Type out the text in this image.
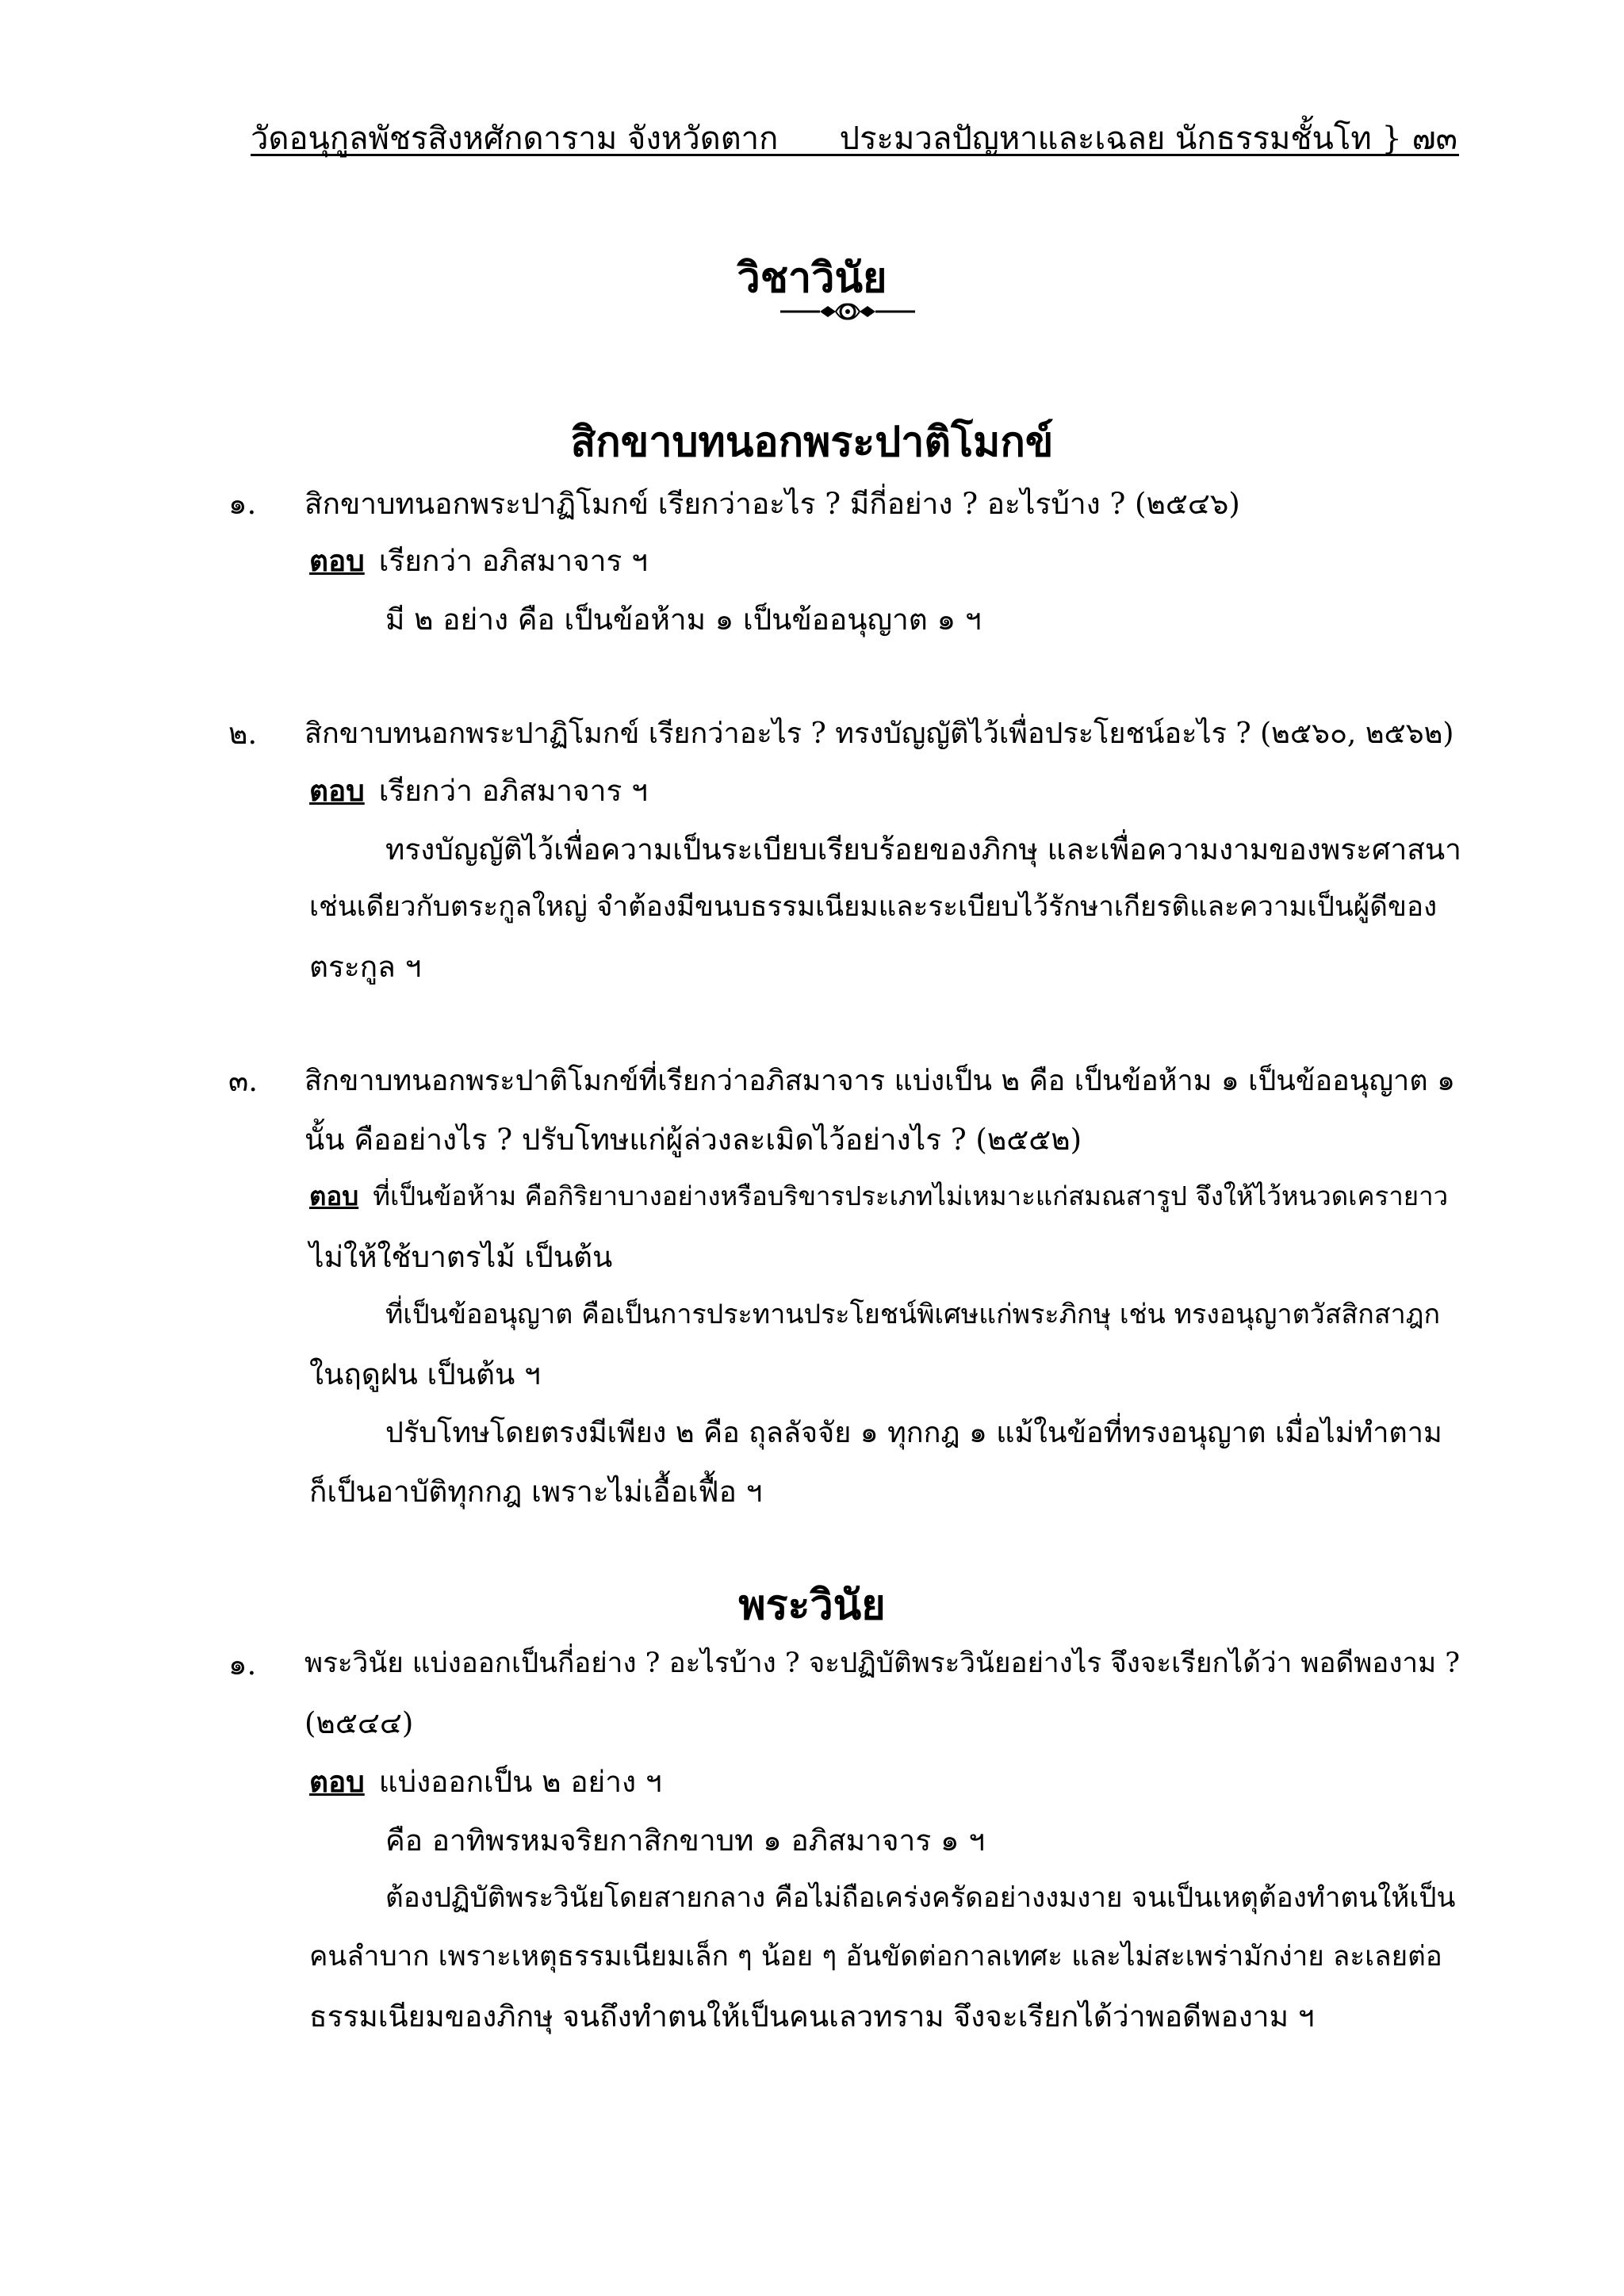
วัดอนุกูลพัชรสิงหศักดาราม จังหวัดตาก ประมวลปัญหาและเฉลย นักธรรมชั้นโท } ๗๓
วิชาวินัย
สิกขาบทนอกพระปาติโมกข์
๑. สิกขาบทนอกพระปาฏิโมกข์ เรียกว่าอะไร ? มีกี่อย่าง ? อะไรบ้าง ? (๒๕๔๖)
ตอบ เรียกว่า อภิสมาจาร ฯ
มี ๒ อย่าง คือ เป็นข้อห้าม ๑ เป็นข้ออนุญาต ๑ ฯ
๒. สิกขาบทนอกพระปาฏิโมกข์ เรียกว่าอะไร ? ทรงบัญญัติไว้เพื่อประโยชน์อะไร ? (๒๕๖๐, ๒๕๖๒)
ตอบ เรียกว่า อภิสมาจาร ฯ
ทรงบัญญัติไว้เพื่อความเป็นระเบียบเรียบร้อยของภิกษุ และเพื่อความงามของพระศาสนา
เช่นเดียวกับตระกูลใหญ่ จำต้องมีขนบธรรมเนียมและระเบียบไว้รักษาเกียรติและความเป็นผู้ดีของ
ตระกูล ฯ
๓. สิกขาบทนอกพระปาติโมกข์ที่เรียกว่าอภิสมาจาร แบ่งเป็น ๒ คือ เป็นข้อห้าม ๑ เป็นข้ออนุญาต ๑
นั้น คืออย่างไร ? ปรับโทษแก่ผู้ล่วงละเมิดไว้อย่างไร ? (๒๕๕๒)
ตอบ ที่เป็นข้อห้าม คือกิริยาบางอย่างหรือบริขารประเภทไม่เหมาะแก่สมณสารูป จึงให้ไว้หนวดเครายาว
ไม่ให้ใช้บาตรไม้ เป็นต้น
ที่เป็นข้ออนุญาต คือเป็นการประทานประโยชน์พิเศษแก่พระภิกษุ เช่น ทรงอนุญาตวัสสิกสาฎก
ในฤดูฝน เป็นต้น ฯ
ปรับโทษโดยตรงมีเพียง ๒ คือ ถุลลัจจัย ๑ ทุกกฎ ๑ แม้ในข้อที่ทรงอนุญาต เมื่อไม่ทำตาม
ก็เป็นอาบัติทุกกฎ เพราะไม่เอื้อเฟื้อ ฯ
พระวินัย
๑. พระวินัย แบ่งออกเป็นกี่อย่าง ? อะไรบ้าง ? จะปฏิบัติพระวินัยอย่างไร จึงจะเรียกได้ว่า พอดีพองาม ?
(๒๕๔๔)
ตอบ แบ่งออกเป็น ๒ อย่าง ฯ
คือ อาทิพรหมจริยกาสิกขาบท ๑ อภิสมาจาร ๑ ฯ
ต้องปฏิบัติพระวินัยโดยสายกลาง คือไม่ถือเคร่งครัดอย่างงมงาย จนเป็นเหตุต้องทำตนให้เป็น
คนลำบาก เพราะเหตุธรรมเนียมเล็ก ๆ น้อย ๆ อันขัดต่อกาลเทศะ และไม่สะเพร่ามักง่าย ละเลยต่อ
ธรรมเนียมของภิกษุ จนถึงทำตนให้เป็นคนเลวทราม จึงจะเรียกได้ว่าพอดีพองาม ฯ
